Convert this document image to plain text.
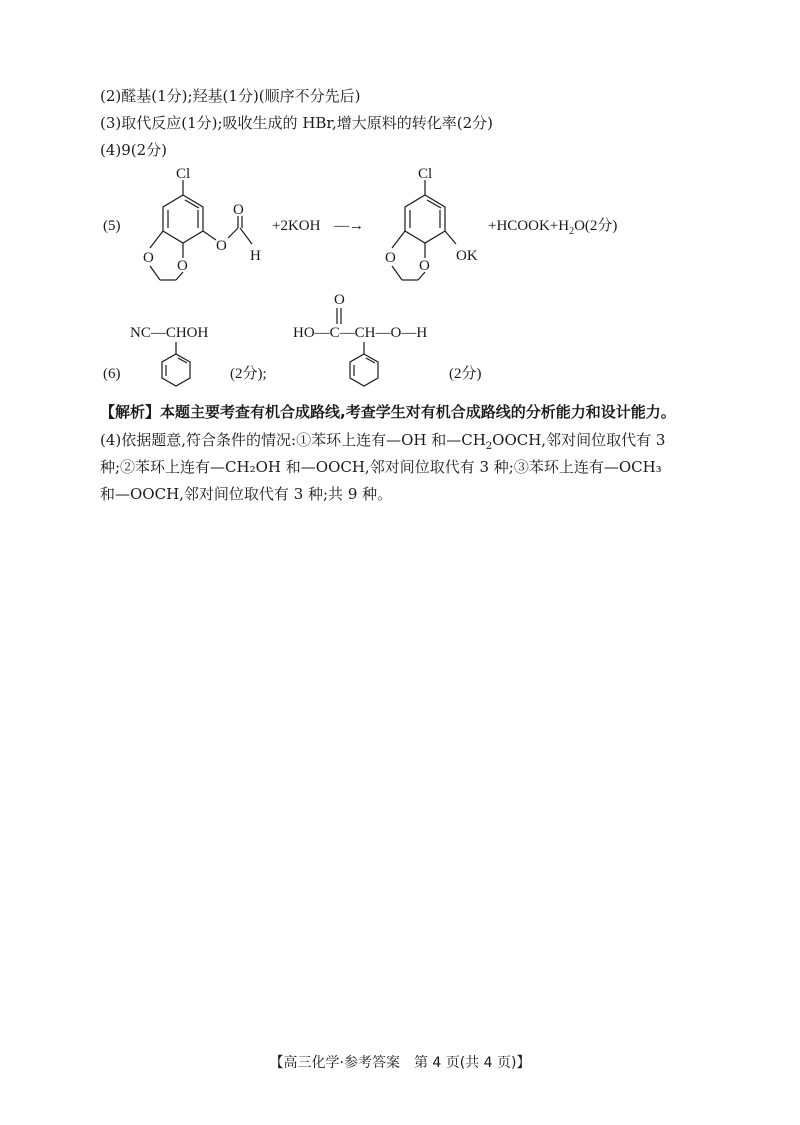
(2)醛基(1分);羟基(1分)(顺序不分先后)
(3)取代反应(1分);吸收生成的 HBr,增大原料的转化率(2分)
(4)9(2分)
(5)
Cl
O O
O
O
H
+2KOH —→
Cl
O O
OK
$+HCOOK+H_2O(2$分)
(6)
NC—CHOH
(2分);
O
HO—C—CH—O—H
(2分)
【解析】本题主要考查有机合成路线,考查学生对有机合成路线的分析能力和设计能力。
(4)依据题意,符合条件的情况:①苯环上连有—OH 和$—CH_2OOCH$,邻对间位取代有 3
种;②苯环上连有—CH₂OH 和—OOCH,邻对间位取代有 3 种;③苯环上连有—OCH₃
和—OOCH,邻对间位取代有 3 种;共 9 种。
【高三化学·参考答案　第 4 页(共 4 页)】
